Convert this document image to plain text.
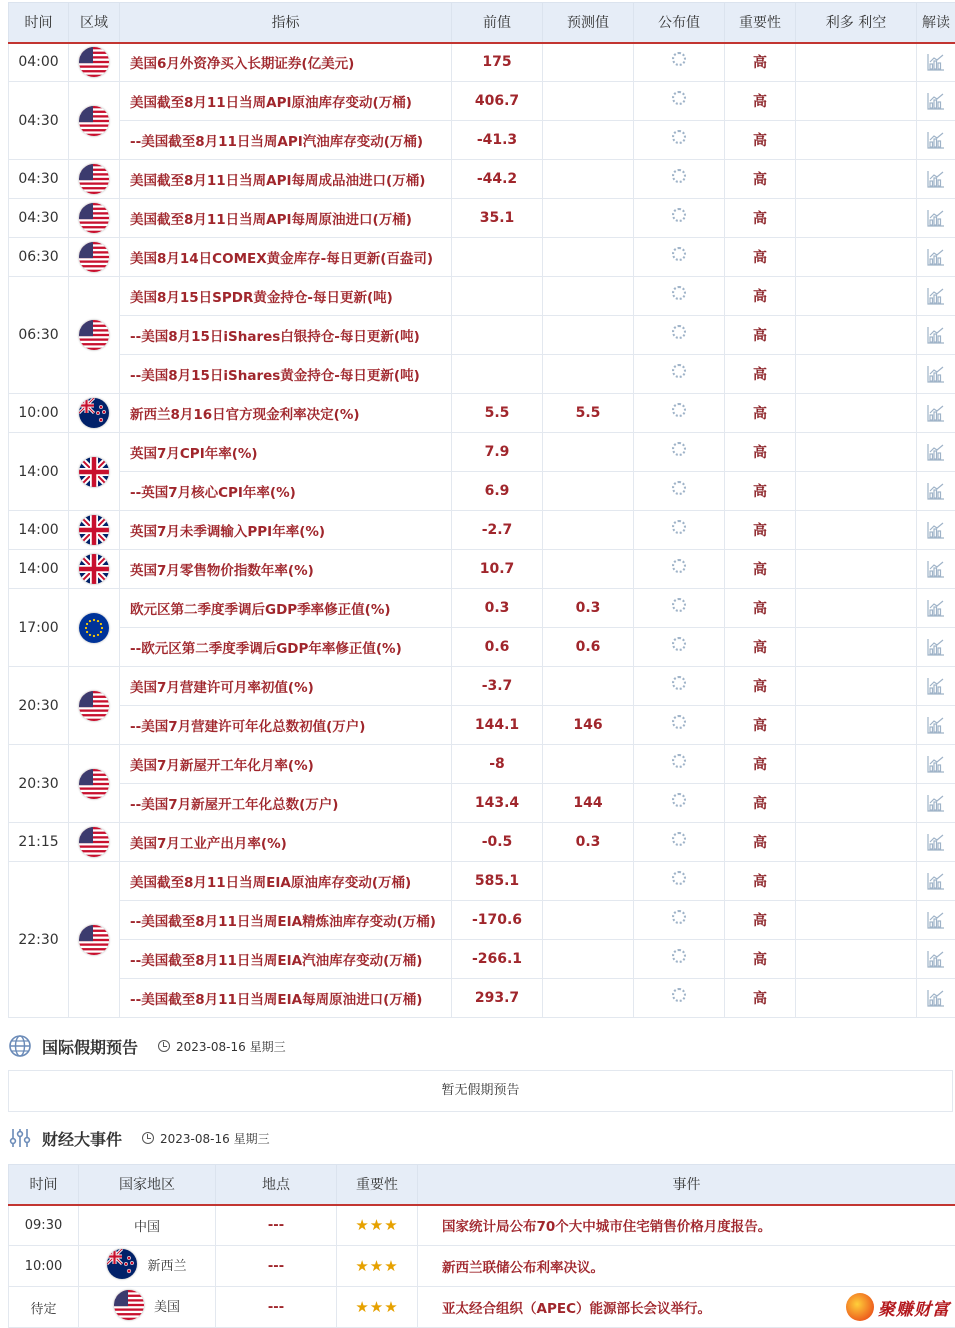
时间	区域	指标	前值	预测值	公布值	重要性	利多 利空	解读
04:00		美国6月外资净买入长期证券(亿美元)	175			高		
04:30		美国截至8月11日当周API原油库存变动(万桶)	406.7			高		
		--美国截至8月11日当周API汽油库存变动(万桶)	-41.3			高		
04:30		美国截至8月11日当周API每周成品油进口(万桶)	-44.2			高		
04:30		美国截至8月11日当周API每周原油进口(万桶)	35.1			高		
06:30		美国8月14日COMEX黄金库存-每日更新(百盎司)				高		
06:30		美国8月15日SPDR黄金持仓-每日更新(吨)				高		
		--美国8月15日iShares白银持仓-每日更新(吨)				高		
		--美国8月15日iShares黄金持仓-每日更新(吨)				高		
10:00		新西兰8月16日官方现金利率决定(%)	5.5	5.5		高		
14:00		英国7月CPI年率(%)	7.9			高		
		--英国7月核心CPI年率(%)	6.9			高		
14:00		英国7月未季调输入PPI年率(%)	-2.7			高		
14:00		英国7月零售物价指数年率(%)	10.7			高		
17:00		欧元区第二季度季调后GDP季率修正值(%)	0.3	0.3		高		
		--欧元区第二季度季调后GDP年率修正值(%)	0.6	0.6		高		
20:30		美国7月营建许可月率初值(%)	-3.7			高		
		--美国7月营建许可年化总数初值(万户)	144.1	146		高		
20:30		美国7月新屋开工年化月率(%)	-8			高		
		--美国7月新屋开工年化总数(万户)	143.4	144		高		
21:15		美国7月工业产出月率(%)	-0.5	0.3		高		
22:30		美国截至8月11日当周EIA原油库存变动(万桶)	585.1			高		
		--美国截至8月11日当周EIA精炼油库存变动(万桶)	-170.6			高		
		--美国截至8月11日当周EIA汽油库存变动(万桶)	-266.1			高		
		--美国截至8月11日当周EIA每周原油进口(万桶)	293.7			高		
国际假期预告	2023-08-16 星期三
暂无假期预告
财经大事件	2023-08-16 星期三
时间	国家地区	地点	重要性	事件
09:30	中国	---	★★★	国家统计局公布70个大中城市住宅销售价格月度报告。
10:00	新西兰	---	★★★	新西兰联储公布利率决议。
待定	美国	---	★★★	亚太经合组织（APEC）能源部长会议举行。	聚赚财富
